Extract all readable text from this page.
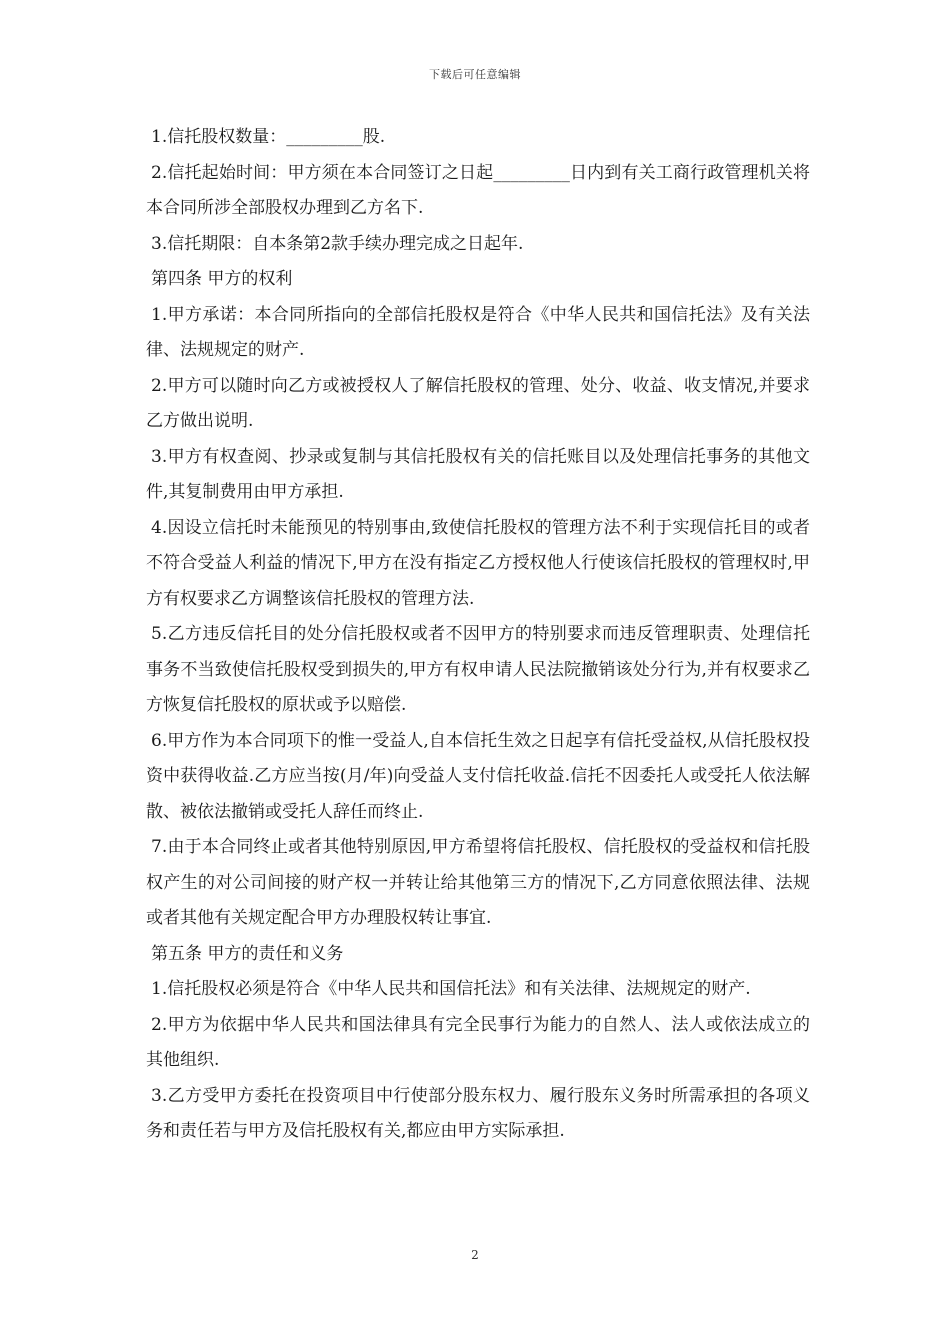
下载后可任意编辑

1.信托股权数量：_________股.

2.信托起始时间：甲方须在本合同签订之日起_________日内到有关工商行政管理机关将本合同所涉全部股权办理到乙方名下.

3.信托期限：自本条第2款手续办理完成之日起年.

第四条 甲方的权利

1.甲方承诺：本合同所指向的全部信托股权是符合《中华人民共和国信托法》及有关法律、法规规定的财产.

2.甲方可以随时向乙方或被授权人了解信托股权的管理、处分、收益、收支情况,并要求乙方做出说明.

3.甲方有权查阅、抄录或复制与其信托股权有关的信托账目以及处理信托事务的其他文件,其复制费用由甲方承担.

4.因设立信托时未能预见的特别事由,致使信托股权的管理方法不利于实现信托目的或者不符合受益人利益的情况下,甲方在没有指定乙方授权他人行使该信托股权的管理权时,甲方有权要求乙方调整该信托股权的管理方法.

5.乙方违反信托目的处分信托股权或者不因甲方的特别要求而违反管理职责、处理信托事务不当致使信托股权受到损失的,甲方有权申请人民法院撤销该处分行为,并有权要求乙方恢复信托股权的原状或予以赔偿.

6.甲方作为本合同项下的惟一受益人,自本信托生效之日起享有信托受益权,从信托股权投资中获得收益.乙方应当按(月/年)向受益人支付信托收益.信托不因委托人或受托人依法解散、被依法撤销或受托人辞任而终止.

7.由于本合同终止或者其他特别原因,甲方希望将信托股权、信托股权的受益权和信托股权产生的对公司间接的财产权一并转让给其他第三方的情况下,乙方同意依照法律、法规或者其他有关规定配合甲方办理股权转让事宜.

第五条 甲方的责任和义务

1.信托股权必须是符合《中华人民共和国信托法》和有关法律、法规规定的财产.

2.甲方为依据中华人民共和国法律具有完全民事行为能力的自然人、法人或依法成立的其他组织.

3.乙方受甲方委托在投资项目中行使部分股东权力、履行股东义务时所需承担的各项义务和责任若与甲方及信托股权有关,都应由甲方实际承担.

2
